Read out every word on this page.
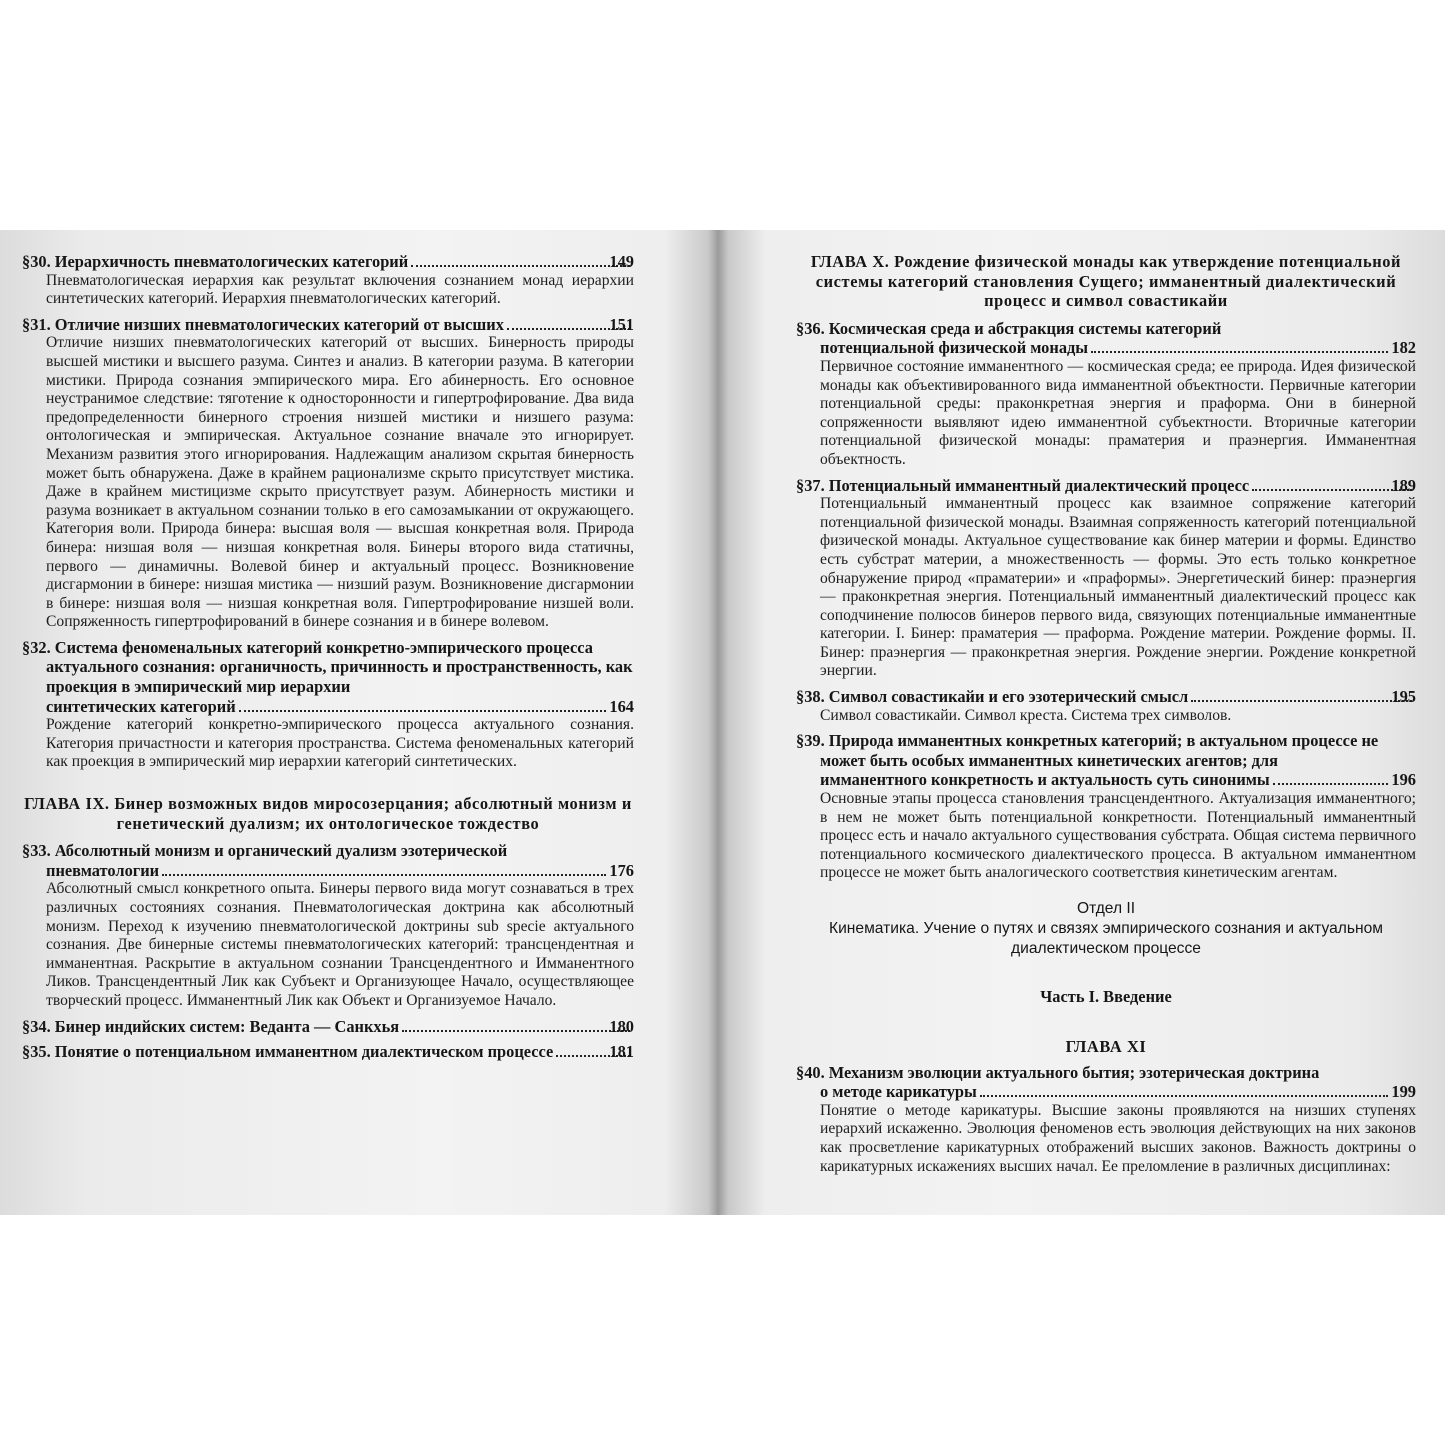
§30. Иерархичность пневматологических категорий	149
Пневматологическая иерархия как результат включения сознанием монад иерархии синтетических категорий. Иерархия пневматологических категорий.
§31. Отличие низших пневматологических категорий от высших	151
Отличие низших пневматологических категорий от высших. Бинерность природы высшей мистики и высшего разума. Синтез и анализ. В категории разума. В категории мистики. Природа сознания эмпирического мира. Его абинерность. Его основное неустранимое следствие: тяготение к односторонности и гипертрофирование. Два вида предопределенности бинерного строения низшей мистики и низшего разума: онтологическая и эмпирическая. Актуальное сознание вначале это игнорирует. Механизм развития этого игнорирования. Надлежащим анализом скрытая бинерность может быть обнаружена. Даже в крайнем рационализме скрыто присутствует мистика. Даже в крайнем мистицизме скрыто присутствует разум. Абинерность мистики и разума возникает в актуальном сознании только в его самозамыкании от окружающего. Категория воли. Природа бинера: высшая воля — высшая конкретная воля. Природа бинера: низшая воля — низшая конкретная воля. Бинеры второго вида статичны, первого — динамичны. Волевой бинер и актуальный процесс. Возникновение дисгармонии в бинере: низшая мистика — низший разум. Возникновение дисгармонии в бинере: низшая воля — низшая конкретная воля. Гипертрофирование низшей воли. Сопряженность гипертрофирований в бинере сознания и в бинере волевом.
§32. Система феноменальных категорий конкретно-эмпирического процесса актуального сознания: органичность, причинность и пространственность, как проекция в эмпирический мир иерархии
синтетических категорий	164
Рождение категорий конкретно-эмпирического процесса актуального сознания. Категория причастности и категория пространства. Система феноменальных категорий как проекция в эмпирический мир иерархии категорий синтетических.
ГЛАВА IX. Бинер возможных видов миросозерцания; абсолютный монизм и генетический дуализм; их онтологическое тождество
§33. Абсолютный монизм и органический дуализм эзотерической
пневматологии	176
Абсолютный смысл конкретного опыта. Бинеры первого вида могут сознаваться в трех различных состояниях сознания. Пневматологическая доктрина как абсолютный монизм. Переход к изучению пневматологической доктрины sub specie актуального сознания. Две бинерные системы пневматологических категорий: трансцендентная и имманентная. Раскрытие в актуальном сознании Трансцендентного и Имманентного Ликов. Трансцендентный Лик как Субъект и Организующее Начало, осуществляющее творческий процесс. Имманентный Лик как Объект и Организуемое Начало.
§34. Бинер индийских систем: Веданта — Санкхья	180
§35. Понятие о потенциальном имманентном диалектическом процессе	181
ГЛАВА X. Рождение физической монады как утверждение потенциальной системы категорий становления Сущего; имманентный диалектический процесс и символ совастикайи
§36. Космическая среда и абстракция системы категорий
потенциальной физической монады	182
Первичное состояние имманентного — космическая среда; ее природа. Идея физической монады как объективированного вида имманентной объектности. Первичные категории потенциальной среды: праконкретная энергия и праформа. Они в бинерной сопряженности выявляют идею имманентной субъектности. Вторичные категории потенциальной физической монады: праматерия и праэнергия. Имманентная объектность.
§37. Потенциальный имманентный диалектический процесс	189
Потенциальный имманентный процесс как взаимное сопряжение категорий потенциальной физической монады. Взаимная сопряженность категорий потенциальной физической монады. Актуальное существование как бинер материи и формы. Единство есть субстрат материи, а множественность — формы. Это есть только конкретное обнаружение природ «праматерии» и «праформы». Энергетический бинер: праэнергия — праконкретная энергия. Потенциальный имманентный диалектический процесс как соподчинение полюсов бинеров первого вида, связующих потенциальные имманентные категории. I. Бинер: праматерия — праформа. Рождение материи. Рождение формы. II. Бинер: праэнергия — праконкретная энергия. Рождение энергии. Рождение конкретной энергии.
§38. Символ совастикайи и его эзотерический смысл	195
Символ совастикайи. Символ креста. Система трех символов.
§39. Природа имманентных конкретных категорий; в актуальном процессе не может быть особых имманентных кинетических агентов; для
имманентного конкретность и актуальность суть синонимы	196
Основные этапы процесса становления трансцендентного. Актуализация имманентного; в нем не может быть потенциальной конкретности. Потенциальный имманентный процесс есть и начало актуального существования субстрата. Общая система первичного потенциального космического диалектического процесса. В актуальном имманентном процессе не может быть аналогического соответствия кинетическим агентам.
Отдел II
Кинематика. Учение о путях и связях эмпирического сознания и актуальном диалектическом процессе
Часть I. Введение
ГЛАВА XI
§40. Механизм эволюции актуального бытия; эзотерическая доктрина
о методе карикатуры	199
Понятие о методе карикатуры. Высшие законы проявляются на низших ступенях иерархий искаженно. Эволюция феноменов есть эволюция действующих на них законов как просветление карикатурных отображений высших законов. Важность доктрины о карикатурных искажениях высших начал. Ее преломление в различных дисциплинах:
